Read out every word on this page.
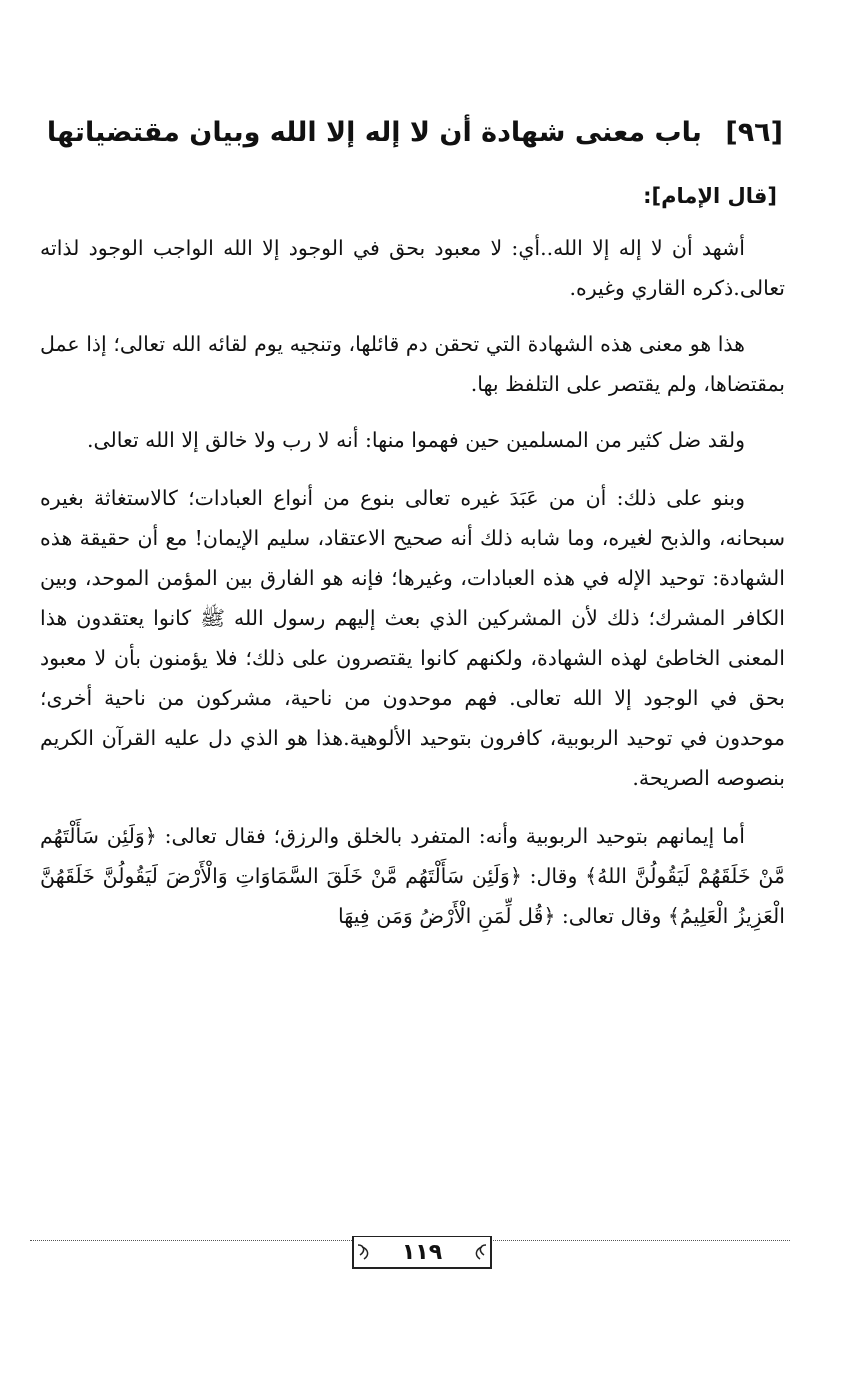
[٩٦] باب معنى شهادة أن لا إله إلا الله وبيان مقتضياتها
[قال الإمام]:

أشهد أن لا إله إلا الله..أي: لا معبود بحق في الوجود إلا الله الواجب الوجود لذاته تعالى.ذكره القاري وغيره.

هذا هو معنى هذه الشهادة التي تحقن دم قائلها، وتنجيه يوم لقائه الله تعالى؛ إذا عمل بمقتضاها، ولم يقتصر على التلفظ بها.

ولقد ضل كثير من المسلمين حين فهموا منها: أنه لا رب ولا خالق إلا الله تعالى.

وبنو على ذلك: أن من عَبَدَ غيره تعالى بنوع من أنواع العبادات؛ كالاستغاثة بغيره سبحانه، والذبح لغيره، وما شابه ذلك أنه صحيح الاعتقاد، سليم الإيمان! مع أن حقيقة هذه الشهادة: توحيد الإله في هذه العبادات، وغيرها؛ فإنه هو الفارق بين المؤمن الموحد، وبين الكافر المشرك؛ ذلك لأن المشركين الذي بعث إليهم رسول الله ﷺ كانوا يعتقدون هذا المعنى الخاطئ لهذه الشهادة، ولكنهم كانوا يقتصرون على ذلك؛ فلا يؤمنون بأن لا معبود بحق في الوجود إلا الله تعالى. فهم موحدون من ناحية، مشركون من ناحية أخرى؛ موحدون في توحيد الربوبية، كافرون بتوحيد الألوهية.هذا هو الذي دل عليه القرآن الكريم بنصوصه الصريحة.

أما إيمانهم بتوحيد الربوبية وأنه: المتفرد بالخلق والرزق؛ فقال تعالى: ﴿وَلَئِن سَأَلْتَهُم مَّنْ خَلَقَهُمْ لَيَقُولُنَّ اللهُ﴾ وقال: ﴿وَلَئِن سَأَلْتَهُم مَّنْ خَلَقَ السَّمَاوَاتِ وَالْأَرْضَ لَيَقُولُنَّ خَلَقَهُنَّ الْعَزِيزُ الْعَلِيمُ﴾ وقال تعالى: ﴿قُل لِّمَنِ الْأَرْضُ وَمَن فِيهَا

١١٩
